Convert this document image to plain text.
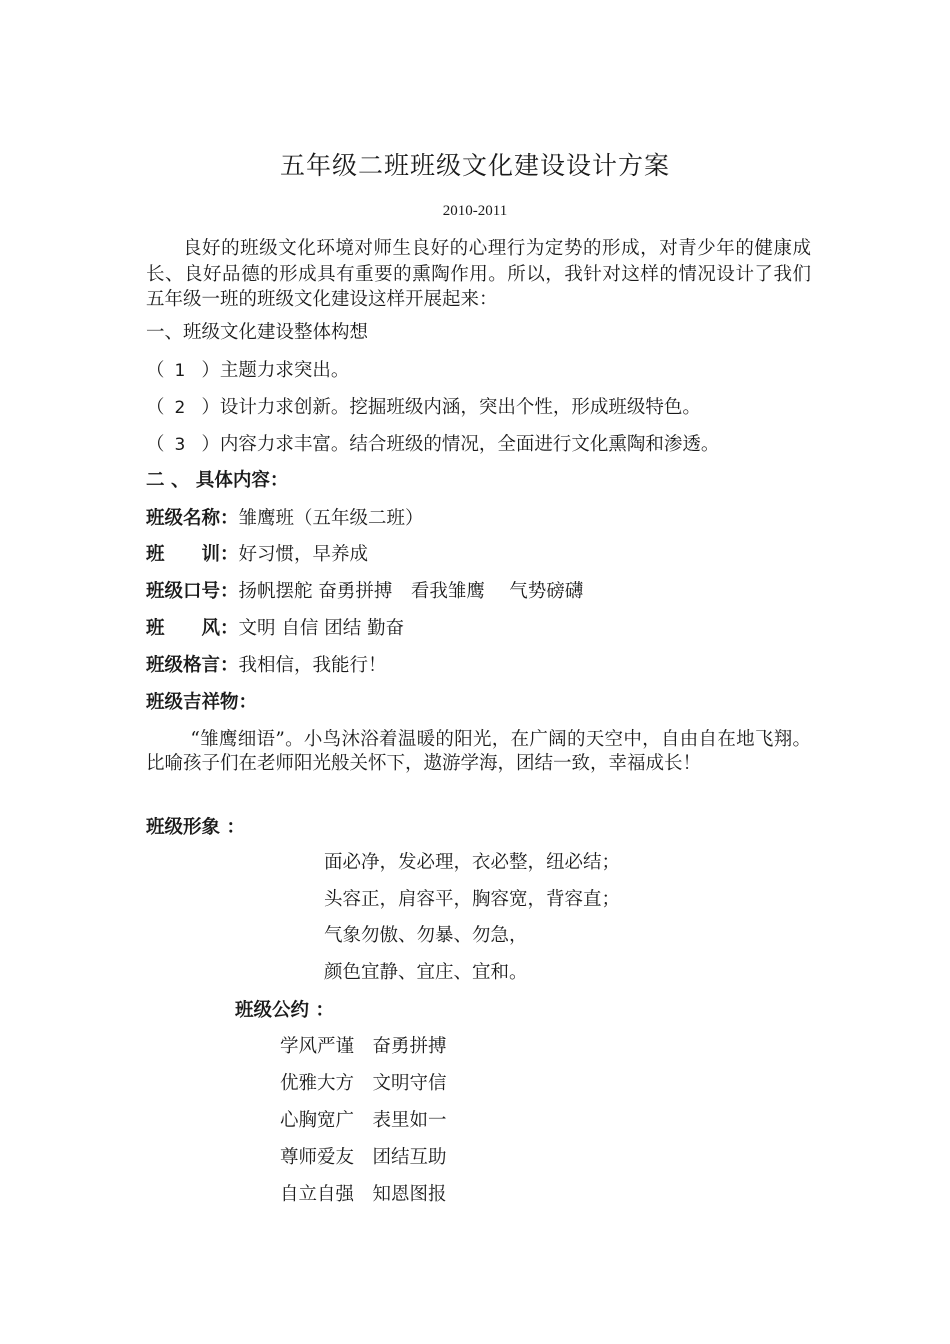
五年级二班班级文化建设设计方案
2010-2011
良好的班级文化环境对师生良好的心理行为定势的形成，对青少年的健康成长、良好品德的形成具有重要的熏陶作用。所以，我针对这样的情况设计了我们五年级一班的班级文化建设这样开展起来：
一、班级文化建设整体构想
（ 1 ）主题力求突出。
（ 2 ）设计力求创新。挖掘班级内涵，突出个性，形成班级特色。
（ 3 ）内容力求丰富。结合班级的情况，全面进行文化熏陶和渗透。
二 、 具体内容：
班级名称：雏鹰班（五年级二班）
班　　训：好习惯，早养成
班级口号：扬帆摆舵 奋勇拼搏　看我雏鹰　 气势磅礴
班　　风：文明 自信 团结 勤奋
班级格言：我相信，我能行！
班级吉祥物：
“雏鹰细语”。小鸟沐浴着温暖的阳光，在广阔的天空中，自由自在地飞翔。比喻孩子们在老师阳光般关怀下，遨游学海，团结一致，幸福成长！
班级形象 ：
面必净，发必理，衣必整，纽必结；
头容正，肩容平，胸容宽，背容直；
气象勿傲、勿暴、勿急，
颜色宜静、宜庄、宜和。
班级公约 ：
学风严谨　奋勇拼搏
优雅大方　文明守信
心胸宽广　表里如一
尊师爱友　团结互助
自立自强　知恩图报
